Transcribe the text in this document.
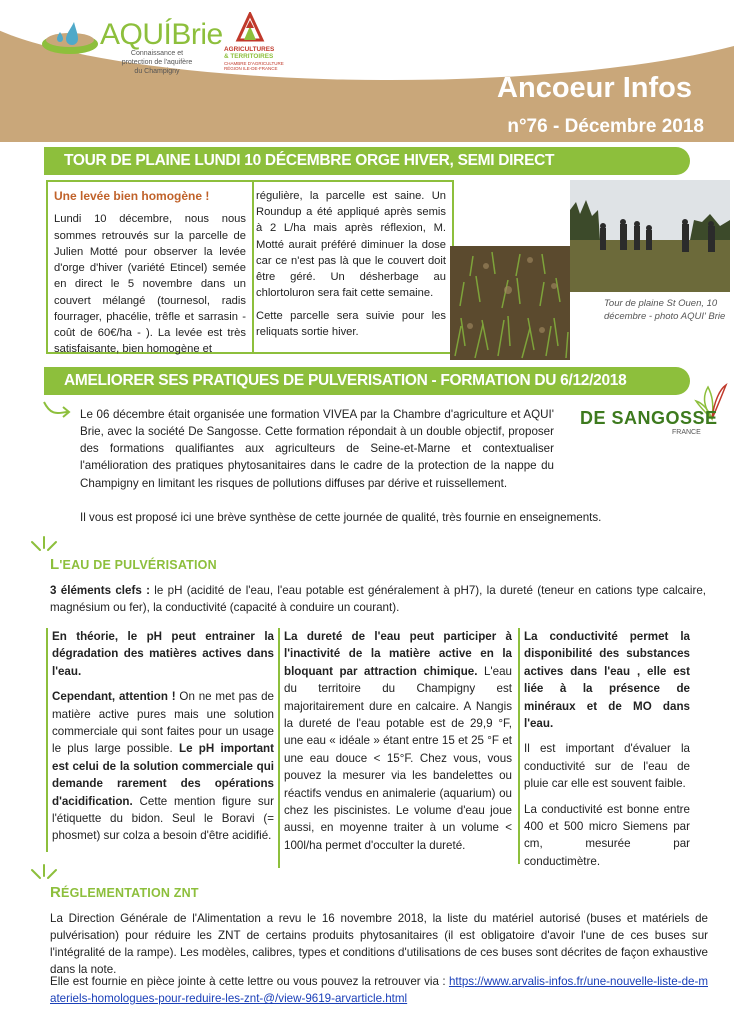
AQUÍBrie
Connaissance et protection de l'aquifère du Champigny
AGRICULTURES
& TERRITOIRES
CHAMBRE D'AGRICULTURE RÉGION ILE-DE-FRANCE
Ancoeur Infos
n°76 - Décembre 2018
TOUR DE PLAINE LUNDI 10 DÉCEMBRE ORGE HIVER, SEMI DIRECT
Une levée bien homogène !

Lundi 10 décembre, nous nous sommes retrouvés sur la parcelle de Julien Motté pour observer la levée d'orge d'hiver (variété Etincel) semée en direct le 5 novembre dans un couvert mélangé (tournesol, radis fourrager, phacélie, trêfle et sarrasin - coût de 60€/ha - ). La levée est très satisfaisante, bien homogène et

régulière, la parcelle est saine. Un Roundup a été appliqué après semis à 2 L/ha mais après réflexion, M. Motté aurait préféré diminuer la dose car ce n'est pas là que le couvert doit être géré. Un désherbage au chlortoluron sera fait cette semaine.

Cette parcelle sera suivie pour les reliquats sortie hiver.

Tour de plaine St Ouen, 10 décembre - photo AQUI' Brie
AMELIORER SES PRATIQUES DE PULVERISATION - FORMATION DU 6/12/2018
DE SANGOSSE
FRANCE
Le 06 décembre était organisée une formation VIVEA par la Chambre d'agriculture et AQUI' Brie, avec la société De Sangosse. Cette formation répondait à un double objectif, proposer des formations qualifiantes aux agriculteurs de Seine-et-Marne et contextualiser l'amélioration des pratiques phytosanitaires dans le cadre de la protection de la nappe du Champigny en limitant les risques de pollutions diffuses par dérive et ruissellement.
Il vous est proposé ici une brève synthèse de cette journée de qualité, très fournie en enseignements.
L'EAU DE PULVÉRISATION
3 éléments clefs : le pH (acidité de l'eau, l'eau potable est généralement à pH7), la dureté (teneur en cations type calcaire, magnésium ou fer), la conductivité (capacité à conduire un courant).

En théorie, le pH peut entrainer la dégradation des matières actives dans l'eau.

Cependant, attention ! On ne met pas de matière active pures mais une solution commerciale qui sont faites pour un usage le plus large possible. Le pH important est celui de la solution commerciale qui demande rarement des opérations d'acidification. Cette mention figure sur l'étiquette du bidon. Seul le Boravi (= phosmet) sur colza a besoin d'être acidifié.

La dureté de l'eau peut participer à l'inactivité de la matière active en la bloquant par attraction chimique. L'eau du territoire du Champigny est majoritairement dure en calcaire. A Nangis la dureté de l'eau potable est de 29,9 °F, une eau « idéale » étant entre 15 et 25 °F et une eau douce < 15°F. Chez vous, vous pouvez la mesurer via les bandelettes ou réactifs vendus en animalerie (aquarium) ou chez les piscinistes. Le volume d'eau joue aussi, en moyenne traiter à un volume < 100l/ha permet d'occulter la dureté.

La conductivité permet la disponibilité des substances actives dans l'eau , elle est liée à la présence de minéraux et de MO dans l'eau.

Il est important d'évaluer la conductivité sur de l'eau de pluie car elle est souvent faible.

La conductivité est bonne entre 400 et 500 micro Siemens par cm, mesurée par conductimètre.

RÉGLEMENTATION ZNT
La Direction Générale de l'Alimentation a revu le 16 novembre 2018, la liste du matériel autorisé (buses et matériels de pulvérisation) pour réduire les ZNT de certains produits phytosanitaires (il est obligatoire d'avoir l'une de ces buses sur l'intégralité de la rampe). Les modèles, calibres, types et conditions d'utilisations de ces buses sont décrites de façon exhaustive dans la note.
Elle est fournie en pièce jointe à cette lettre ou vous pouvez la retrouver via : https://www.arvalis-infos.fr/une-nouvelle-liste-de-materiels-homologues-pour-reduire-les-znt-@/view-9619-arvarticle.html
